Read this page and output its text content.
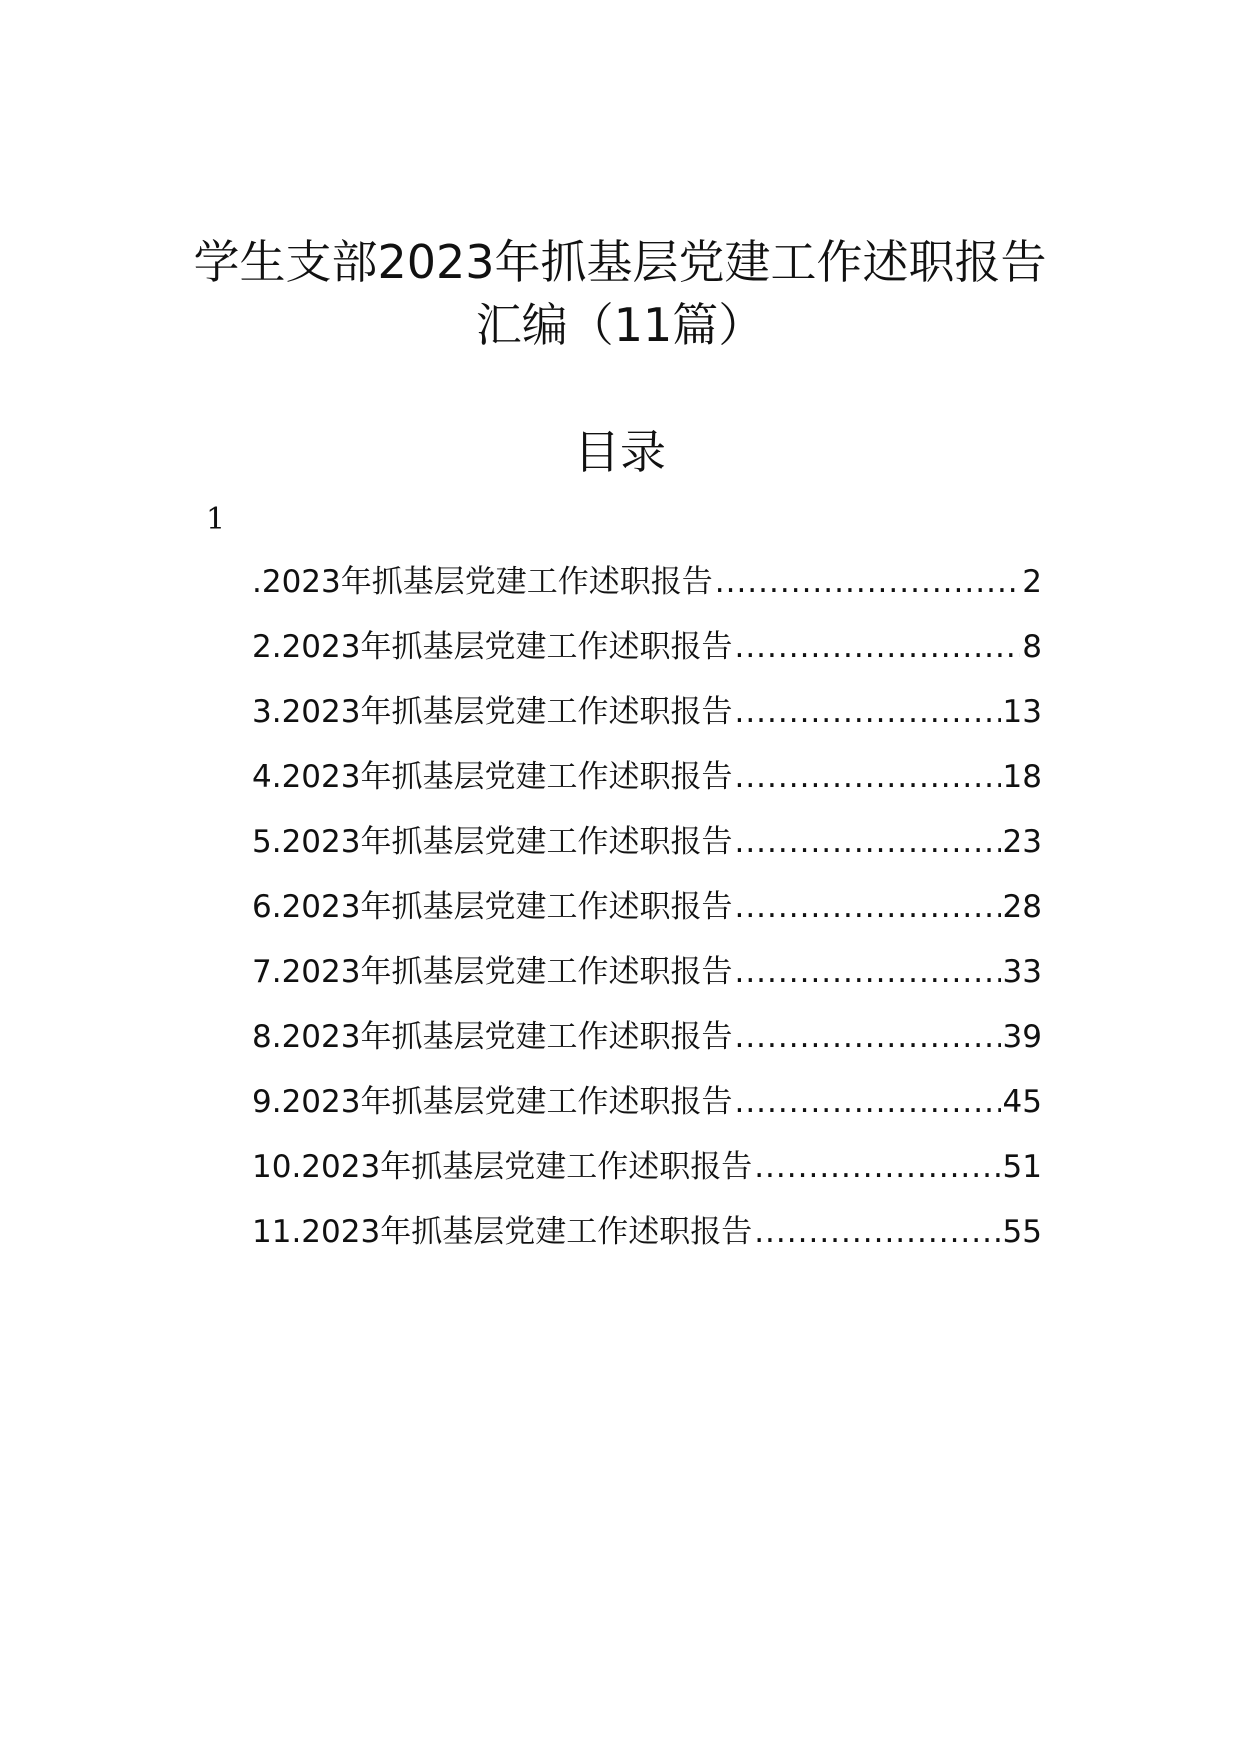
学生支部2023年抓基层党建工作述职报告
汇编（11篇）
目录
1
.2023年抓基层党建工作述职报告 .....	2
2.2023年抓基层党建工作述职报告 .....	8
3.2023年抓基层党建工作述职报告 .....	13
4.2023年抓基层党建工作述职报告 .....	18
5.2023年抓基层党建工作述职报告 .....	23
6.2023年抓基层党建工作述职报告 .....	28
7.2023年抓基层党建工作述职报告 .....	33
8.2023年抓基层党建工作述职报告 .....	39
9.2023年抓基层党建工作述职报告 .....	45
10.2023年抓基层党建工作述职报告 .....	51
11.2023年抓基层党建工作述职报告 .....	55
